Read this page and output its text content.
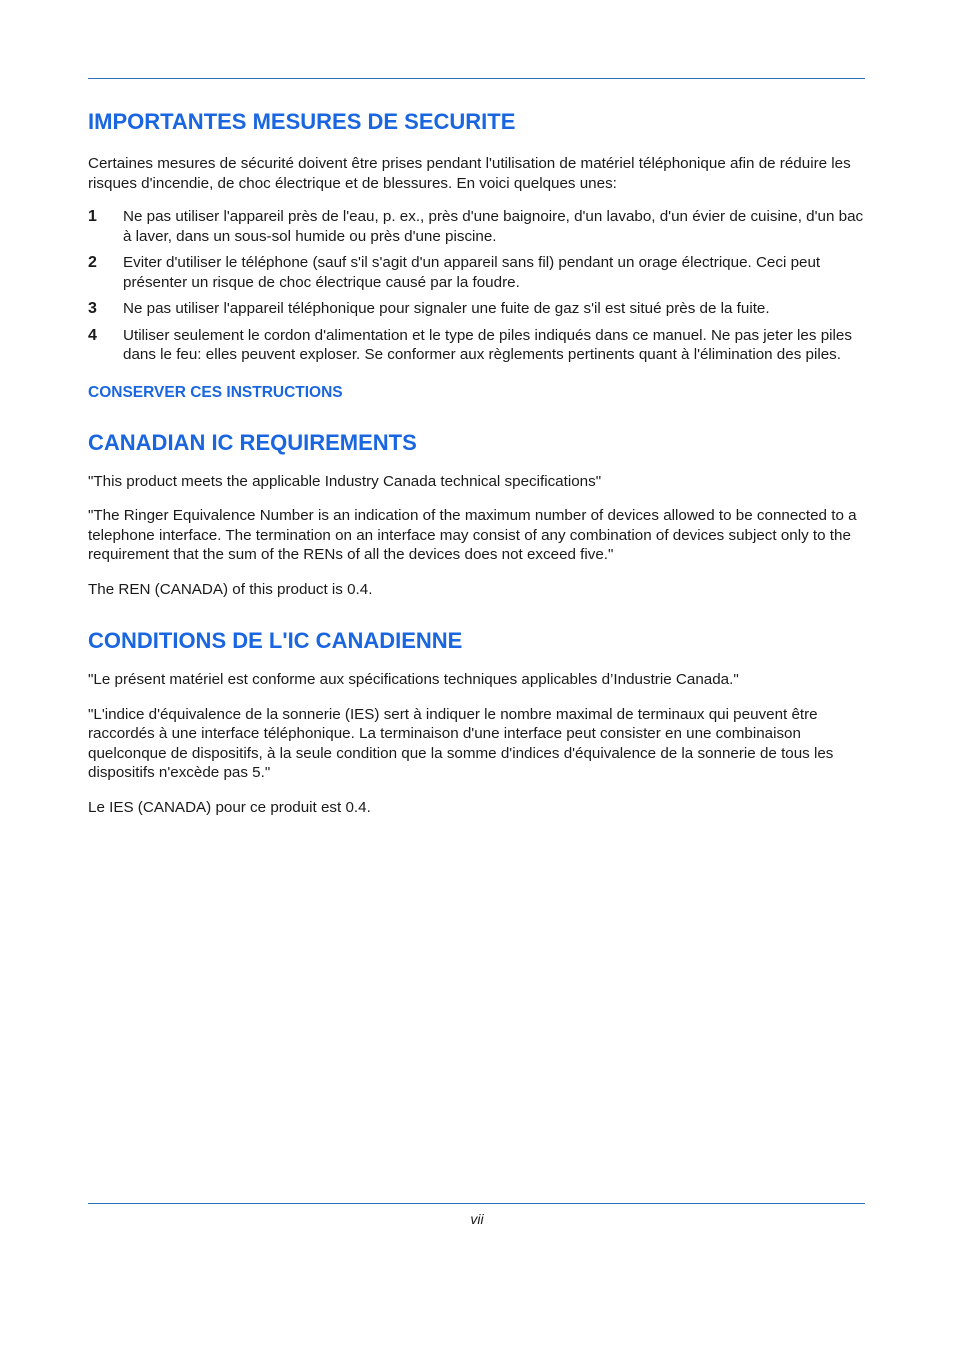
IMPORTANTES MESURES DE SECURITE

Certaines mesures de sécurité doivent être prises pendant l'utilisation de matériel téléphonique afin de réduire les risques d'incendie, de choc électrique et de blessures. En voici quelques unes:

1	Ne pas utiliser l'appareil près de l'eau, p. ex., près d'une baignoire, d'un lavabo, d'un évier de cuisine, d'un bac à laver, dans un sous-sol humide ou près d'une piscine.
2	Eviter d'utiliser le téléphone (sauf s'il s'agit d'un appareil sans fil) pendant un orage électrique. Ceci peut présenter un risque de choc électrique causé par la foudre.
3	Ne pas utiliser l'appareil téléphonique pour signaler une fuite de gaz s'il est situé près de la fuite.
4	Utiliser seulement le cordon d'alimentation et le type de piles indiqués dans ce manuel. Ne pas jeter les piles dans le feu: elles peuvent exploser. Se conformer aux règlements pertinents quant à l'élimination des piles.
CONSERVER CES INSTRUCTIONS
CANADIAN IC REQUIREMENTS

"This product meets the applicable Industry Canada technical specifications"

"The Ringer Equivalence Number is an indication of the maximum number of devices allowed to be connected to a telephone interface. The termination on an interface may consist of any combination of devices subject only to the requirement that the sum of the RENs of all the devices does not exceed five."

The REN (CANADA) of this product is 0.4.

CONDITIONS DE L'IC CANADIENNE

"Le présent matériel est conforme aux spécifications techniques applicables d’Industrie Canada."

"L'indice d'équivalence de la sonnerie (IES) sert à indiquer le nombre maximal de terminaux qui peuvent être raccordés à une interface téléphonique. La terminaison d'une interface peut consister en une combinaison quelconque de dispositifs, à la seule condition que la somme d'indices d'équivalence de la sonnerie de tous les dispositifs n'excède pas 5."

Le IES (CANADA) pour ce produit est 0.4.

vii
